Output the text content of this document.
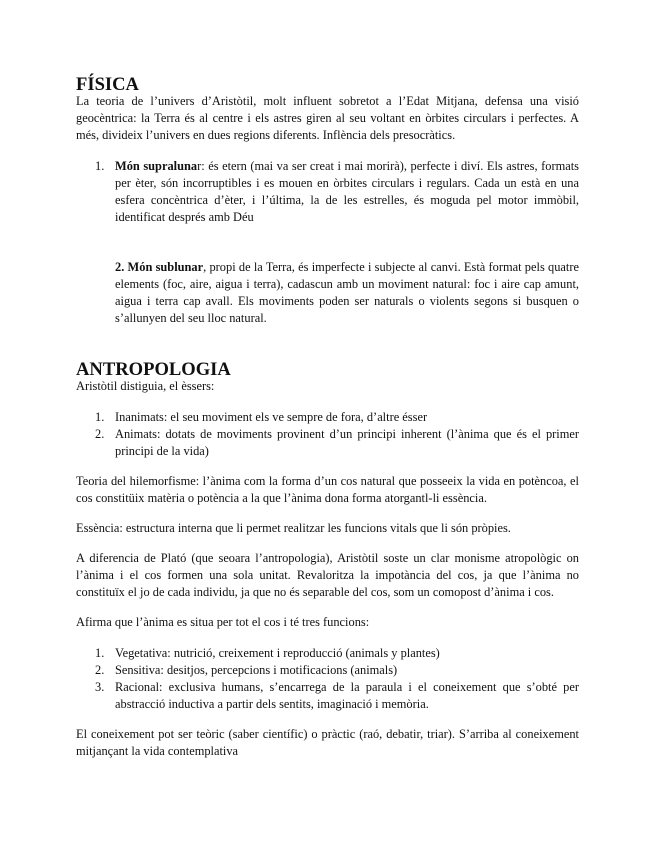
FÍSICA

La teoria de l’univers d’Aristòtil, molt influent sobretot a l’Edat Mitjana, defensa una visió geocèntrica: la Terra és al centre i els astres giren al seu voltant en òrbites circulars i perfectes. A més, divideix l’univers en dues regions diferents. Inflència dels presocràtics.

1. Món supralunar: és etern (mai va ser creat i mai morirà), perfecte i diví. Els astres, formats per èter, són incorruptibles i es mouen en òrbites circulars i regulars. Cada un està en una esfera concèntrica d’èter, i l’última, la de les estrelles, és moguda pel motor immòbil, identificat després amb Déu

2. Món sublunar, propi de la Terra, és imperfecte i subjecte al canvi. Està format pels quatre elements (foc, aire, aigua i terra), cadascun amb un moviment natural: foc i aire cap amunt, aigua i terra cap avall. Els moviments poden ser naturals o violents segons si busquen o s’allunyen del seu lloc natural.

ANTROPOLOGIA

Aristòtil distiguia, el èssers:

1. Inanimats: el seu moviment els ve sempre de fora, d’altre ésser
2. Animats: dotats de moviments provinent d’un principi inherent (l’ànima que és el primer principi de la vida)

Teoria del hilemorfisme: l’ànima com la forma d’un cos natural que posseeix la vida en potèncoa, el cos constitüix matèria o potència a la que l’ànima dona forma atorgantl-li essència.

Essència: estructura interna que li permet realitzar les funcions vitals que li són pròpies.

A diferencia de Plató (que seoara l’antropologia), Aristòtil soste un clar monisme atropològic on l’ànima i el cos formen una sola unitat. Revaloritza la impotància del cos, ja que l’ànima no constituïx el jo de cada individu, ja que no és separable del cos, som un comopost d’ànima i cos.

Afirma que l’ànima es situa per tot el cos i té tres funcions:

1. Vegetativa: nutrició, creixement i reproducció (animals y plantes)
2. Sensitiva: desitjos, percepcions i motificacions (animals)
3. Racional: exclusiva humans, s’encarrega de la paraula i el coneixement que s’obté per abstracció inductiva a partir dels sentits, imaginació i memòria.

El coneixement pot ser teòric (saber científic) o pràctic (raó, debatir, triar). S’arriba al coneixement mitjançant la vida contemplativa
